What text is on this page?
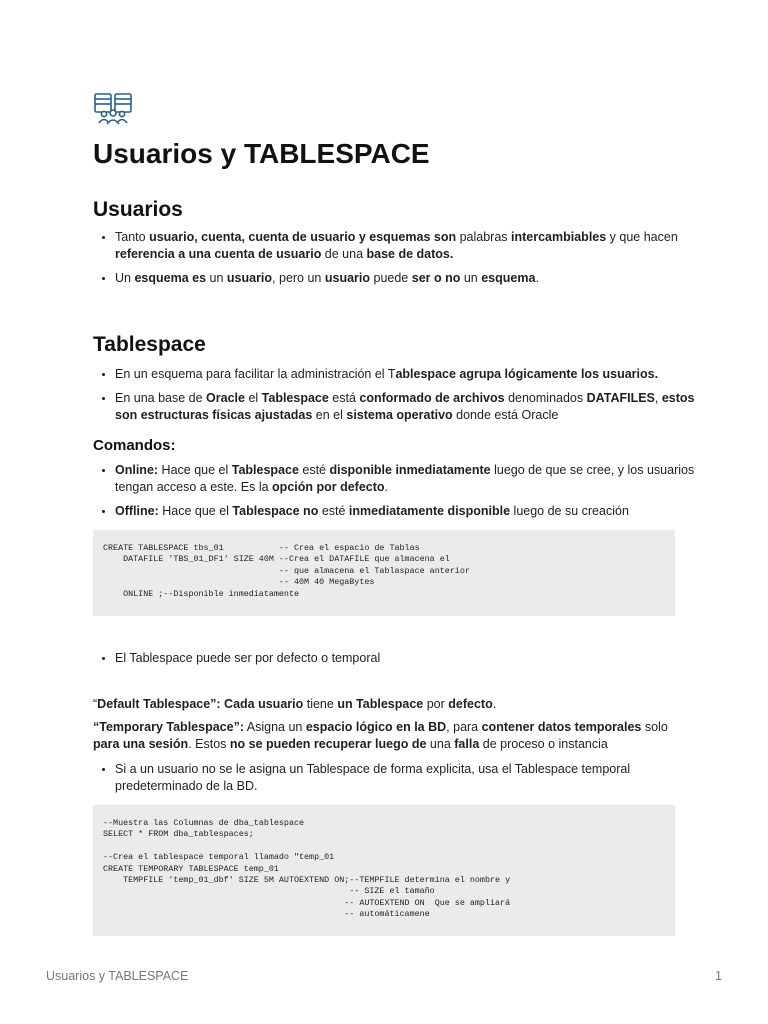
Usuarios y TABLESPACE
Usuarios
• Tanto usuario, cuenta, cuenta de usuario y esquemas son palabras intercambiables y que hacen referencia a una cuenta de usuario de una base de datos.
• Un esquema es un usuario, pero un usuario puede ser o no un esquema.
Tablespace
• En un esquema para facilitar la administración el Tablespace agrupa lógicamente los usuarios.
• En una base de Oracle el Tablespace está conformado de archivos denominados DATAFILES, estos son estructuras físicas ajustadas en el sistema operativo donde está Oracle
Comandos:
• Online: Hace que el Tablespace esté disponible inmediatamente luego de que se cree, y los usuarios tengan acceso a este. Es la opción por defecto.
• Offline: Hace que el Tablespace no esté inmediatamente disponible luego de su creación
CREATE TABLESPACE tbs_01           -- Crea el espacio de Tablas
DATAFILE 'TBS_01_DF1' SIZE 40M --Crea el DATAFILE que almacena el
-- que almacena el Tablaspace anterior
-- 40M 40 MegaBytes
ONLINE ;--Disponible inmediatamente
• El Tablespace puede ser por defecto o temporal

“Default Tablespace”: Cada usuario tiene un Tablespace por defecto.

“Temporary Tablespace”: Asigna un espacio lógico en la BD, para contener datos temporales solo para una sesión. Estos no se pueden recuperar luego de una falla de proceso o instancia

• Si a un usuario no se le asigna un Tablespace de forma explicita, usa el Tablespace temporal predeterminado de la BD.
--Muestra las Columnas de dba_tablespace
SELECT * FROM dba_tablespaces;

--Crea el tablespace temporal llamado "temp_01
CREATE TEMPORARY TABLESPACE temp_01
TEMPFILE 'temp_01_dbf' SIZE 5M AUTOEXTEND ON;--TEMPFILE determina el nombre y
-- SIZE el tamaño
-- AUTOEXTEND ON  Que se ampliará
-- automáticamene
Usuarios y TABLESPACE	1
